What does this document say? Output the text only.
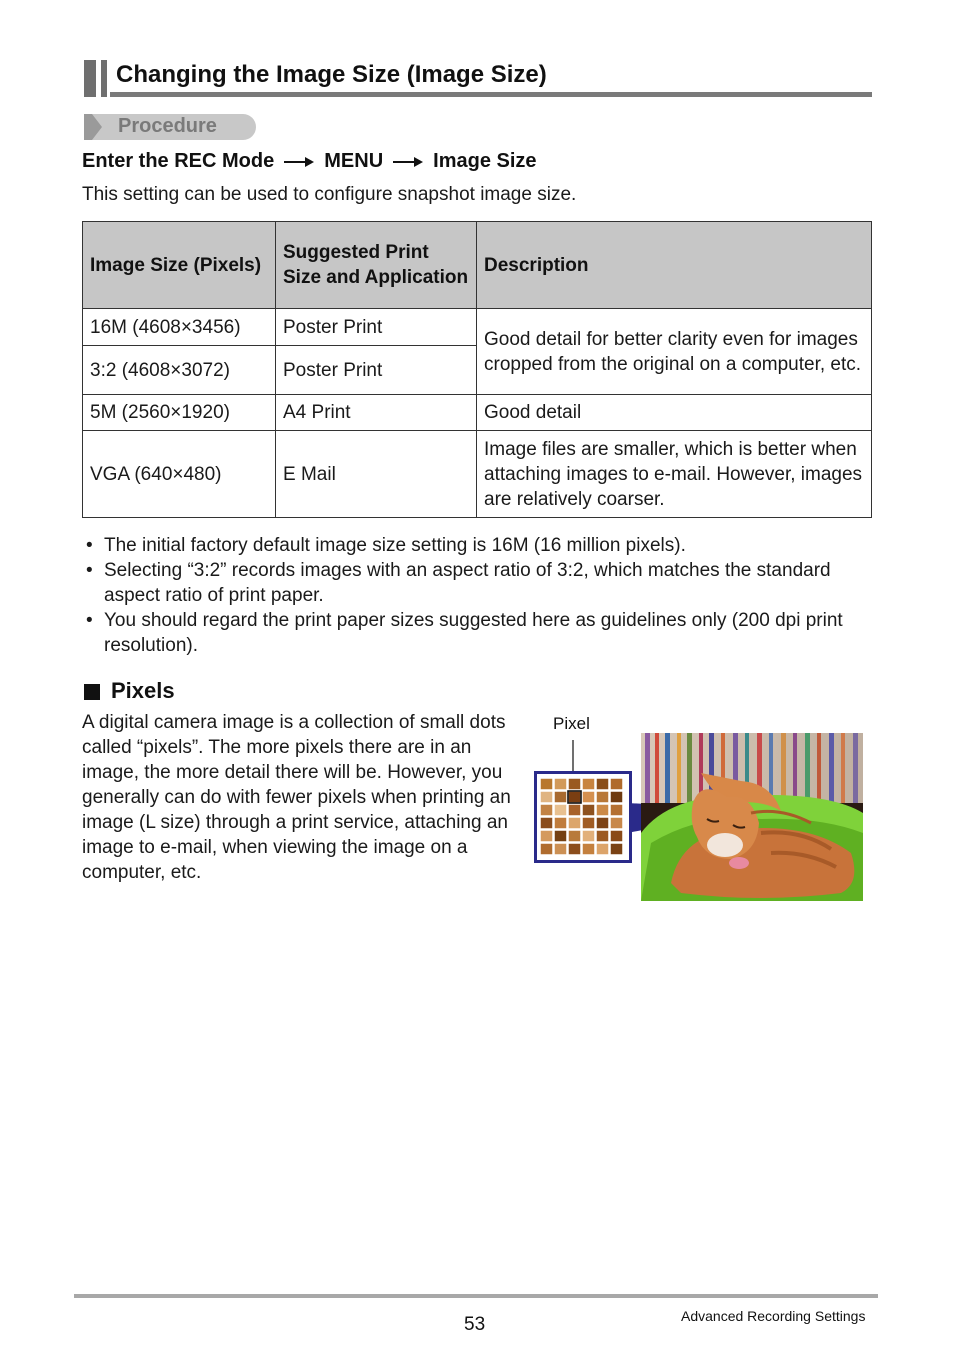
Changing the Image Size (Image Size)
Procedure
Enter the REC Mode	MENU	Image Size
This setting can be used to configure snapshot image size.
Image Size (Pixels)	Suggested Print Size and Application	Description
16M (4608×3456)	Poster Print	Good detail for better clarity even for images cropped from the original on a computer, etc.
3:2 (4608×3072)	Poster Print	
5M (2560×1920)	A4 Print	Good detail
VGA (640×480)	E Mail	Image files are smaller, which is better when attaching images to e-mail. However, images are relatively coarser.
• The initial factory default image size setting is 16M (16 million pixels).
• Selecting “3:2” records images with an aspect ratio of 3:2, which matches the standard aspect ratio of print paper.
• You should regard the print paper sizes suggested here as guidelines only (200 dpi print resolution).
Pixels
A digital camera image is a collection of small dots called “pixels”. The more pixels there are in an image, the more detail there will be. However, you generally can do with fewer pixels when printing an image (L size) through a print service, attaching an image to e-mail, when viewing the image on a computer, etc.
Pixel
53	Advanced Recording Settings
